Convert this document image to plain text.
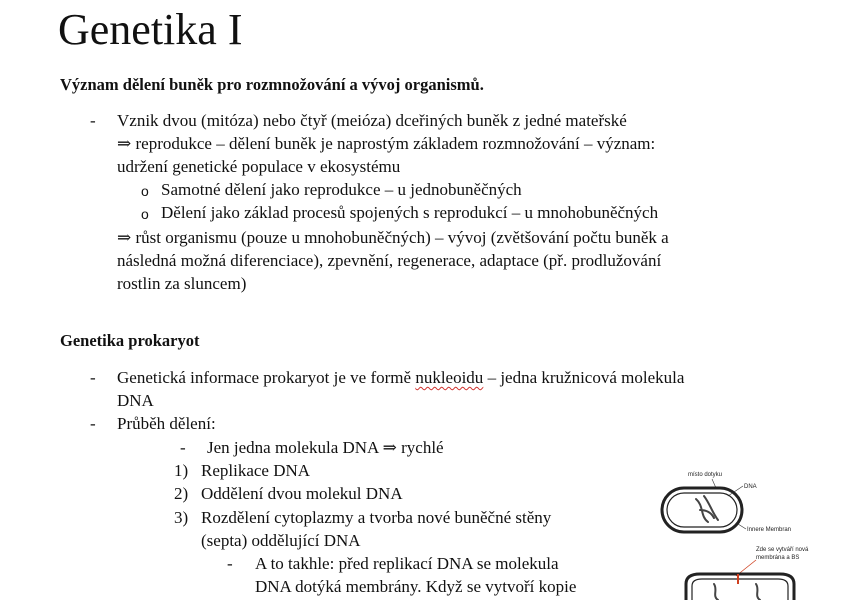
Genetika I
Význam dělení buněk pro rozmnožování a vývoj organismů.
- Vznik dvou (mitóza) nebo čtyř (meióza) dceřiných buněk z jedné mateřské
⇒ reprodukce – dělení buněk je naprostým základem rozmnožování – význam:
udržení genetické populace v ekosystému
o Samotné dělení jako reprodukce – u jednobuněčných
o Dělení jako základ procesů spojených s reprodukcí – u mnohobuněčných
⇒ růst organismu (pouze u mnohobuněčných) – vývoj (zvětšování počtu buněk a
následná možná diferenciace), zpevnění, regenerace, adaptace (př. prodlužování
rostlin za sluncem)
Genetika prokaryot
- Genetická informace prokaryot je ve formě nukleoidu – jedna kružnicová molekula
DNA
- Průběh dělení:
- Jen jedna molekula DNA ⇒ rychlé
1) Replikace DNA
2) Oddělení dvou molekul DNA
3) Rozdělení cytoplazmy a tvorba nové buněčné stěny
(septa) oddělující DNA
- A to takhle: před replikací DNA se molekula
DNA dotýká membrány. Když se vytvoří kopie
místo dotyku
DNA
Innere Membran
Zde se vytváří nová
membrána a BS
